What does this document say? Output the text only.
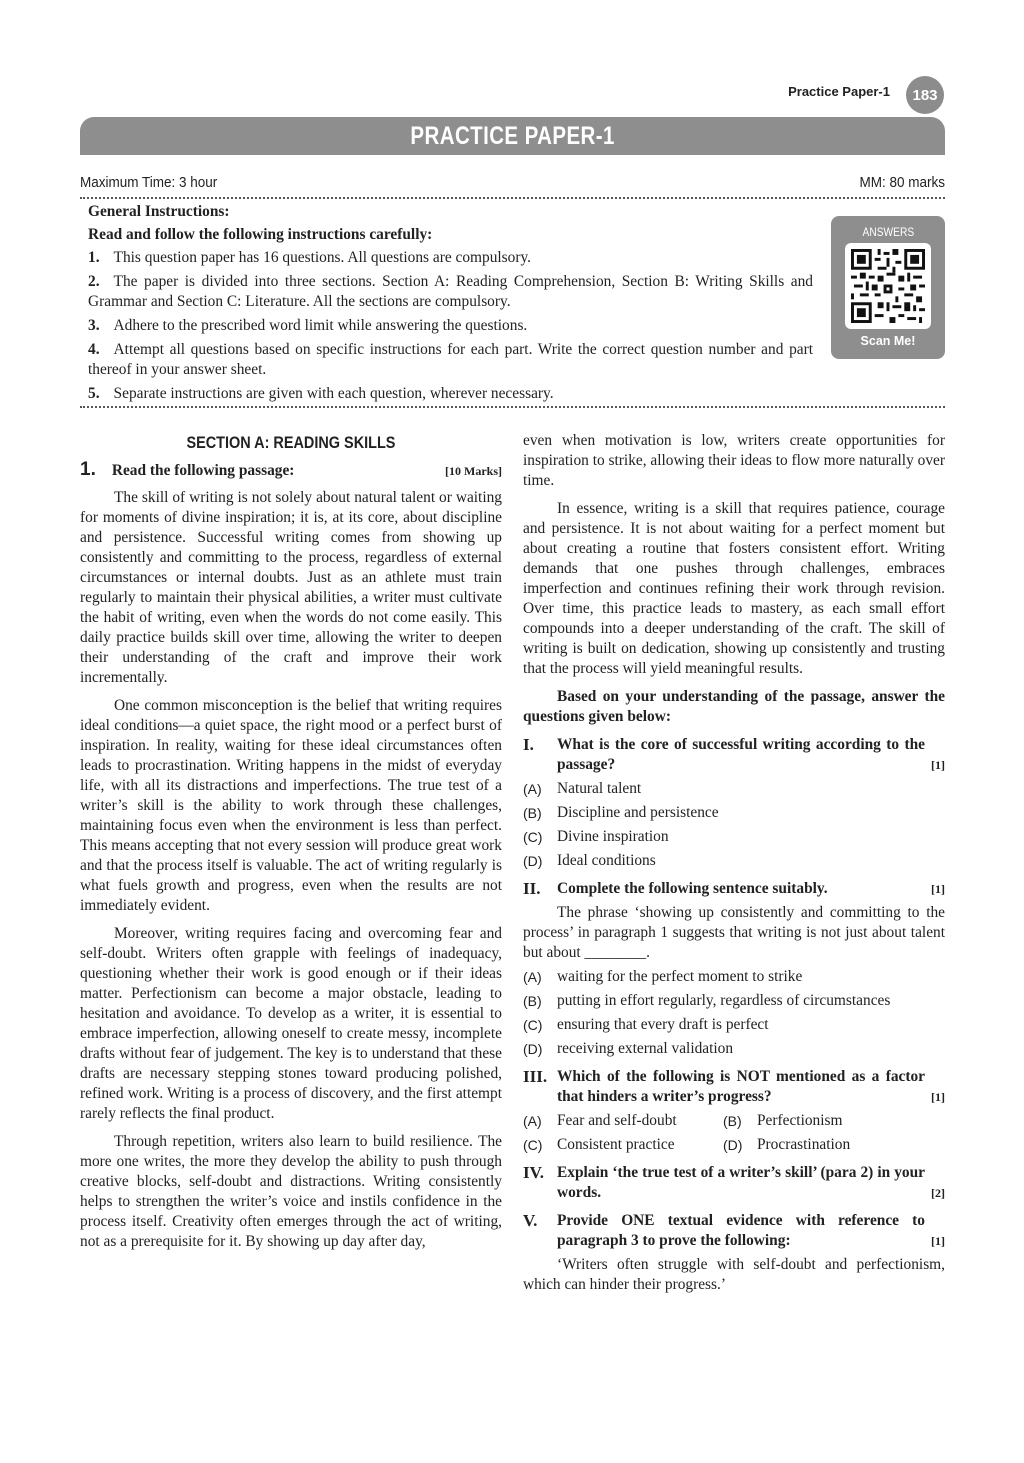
Practice Paper-1	183
PRACTICE PAPER-1
Maximum Time: 3 hour	MM: 80 marks
General Instructions:
Read and follow the following instructions carefully:
1. This question paper has 16 questions. All questions are compulsory.
2. The paper is divided into three sections. Section A: Reading Comprehension, Section B: Writing Skills and Grammar and Section C: Literature. All the sections are compulsory.
3. Adhere to the prescribed word limit while answering the questions.
4. Attempt all questions based on specific instructions for each part. Write the correct question number and part thereof in your answer sheet.
5. Separate instructions are given with each question, wherever necessary.
ANSWERS
Scan Me!
SECTION A: READING SKILLS
1. Read the following passage:	[10 Marks]

The skill of writing is not solely about natural talent or waiting for moments of divine inspiration; it is, at its core, about discipline and persistence. Successful writing comes from showing up consistently and committing to the process, regardless of external circumstances or internal doubts. Just as an athlete must train regularly to maintain their physical abilities, a writer must cultivate the habit of writing, even when the words do not come easily. This daily practice builds skill over time, allowing the writer to deepen their understanding of the craft and improve their work incrementally.

One common misconception is the belief that writing requires ideal conditions—a quiet space, the right mood or a perfect burst of inspiration. In reality, waiting for these ideal circumstances often leads to procrastination. Writing happens in the midst of everyday life, with all its distractions and imperfections. The true test of a writer’s skill is the ability to work through these challenges, maintaining focus even when the environment is less than perfect. This means accepting that not every session will produce great work and that the process itself is valuable. The act of writing regularly is what fuels growth and progress, even when the results are not immediately evident.

Moreover, writing requires facing and overcoming fear and self-doubt. Writers often grapple with feelings of inadequacy, questioning whether their work is good enough or if their ideas matter. Perfectionism can become a major obstacle, leading to hesitation and avoidance. To develop as a writer, it is essential to embrace imperfection, allowing oneself to create messy, incomplete drafts without fear of judgement. The key is to understand that these drafts are necessary stepping stones toward producing polished, refined work. Writing is a process of discovery, and the first attempt rarely reflects the final product.

Through repetition, writers also learn to build resilience. The more one writes, the more they develop the ability to push through creative blocks, self-doubt and distractions. Writing consistently helps to strengthen the writer’s voice and instils confidence in the process itself. Creativity often emerges through the act of writing, not as a prerequisite for it. By showing up day after day,

even when motivation is low, writers create opportunities for inspiration to strike, allowing their ideas to flow more naturally over time.

In essence, writing is a skill that requires patience, courage and persistence. It is not about waiting for a perfect moment but about creating a routine that fosters consistent effort. Writing demands that one pushes through challenges, embraces imperfection and continues refining their work through revision. Over time, this practice leads to mastery, as each small effort compounds into a deeper understanding of the craft. The skill of writing is built on dedication, showing up consistently and trusting that the process will yield meaningful results.

Based on your understanding of the passage, answer the questions given below:

I.	What is the core of successful writing according to the passage?	[1]
(A) Natural talent
(B) Discipline and persistence
(C) Divine inspiration
(D) Ideal conditions
II.	Complete the following sentence suitably.	[1]

The phrase ‘showing up consistently and committing to the process’ in paragraph 1 suggests that writing is not just about talent but about ________.

(A) waiting for the perfect moment to strike
(B) putting in effort regularly, regardless of circumstances
(C) ensuring that every draft is perfect
(D) receiving external validation
III. Which of the following is NOT mentioned as a factor that hinders a writer’s progress?	[1]
(A) Fear and self-doubt	(B) Perfectionism
(C) Consistent practice	(D) Procrastination
IV. Explain ‘the true test of a writer’s skill’ (para 2) in your words.	[2]
V.	Provide ONE textual evidence with reference to paragraph 3 to prove the following:	[1]

‘Writers often struggle with self-doubt and perfectionism, which can hinder their progress.’
